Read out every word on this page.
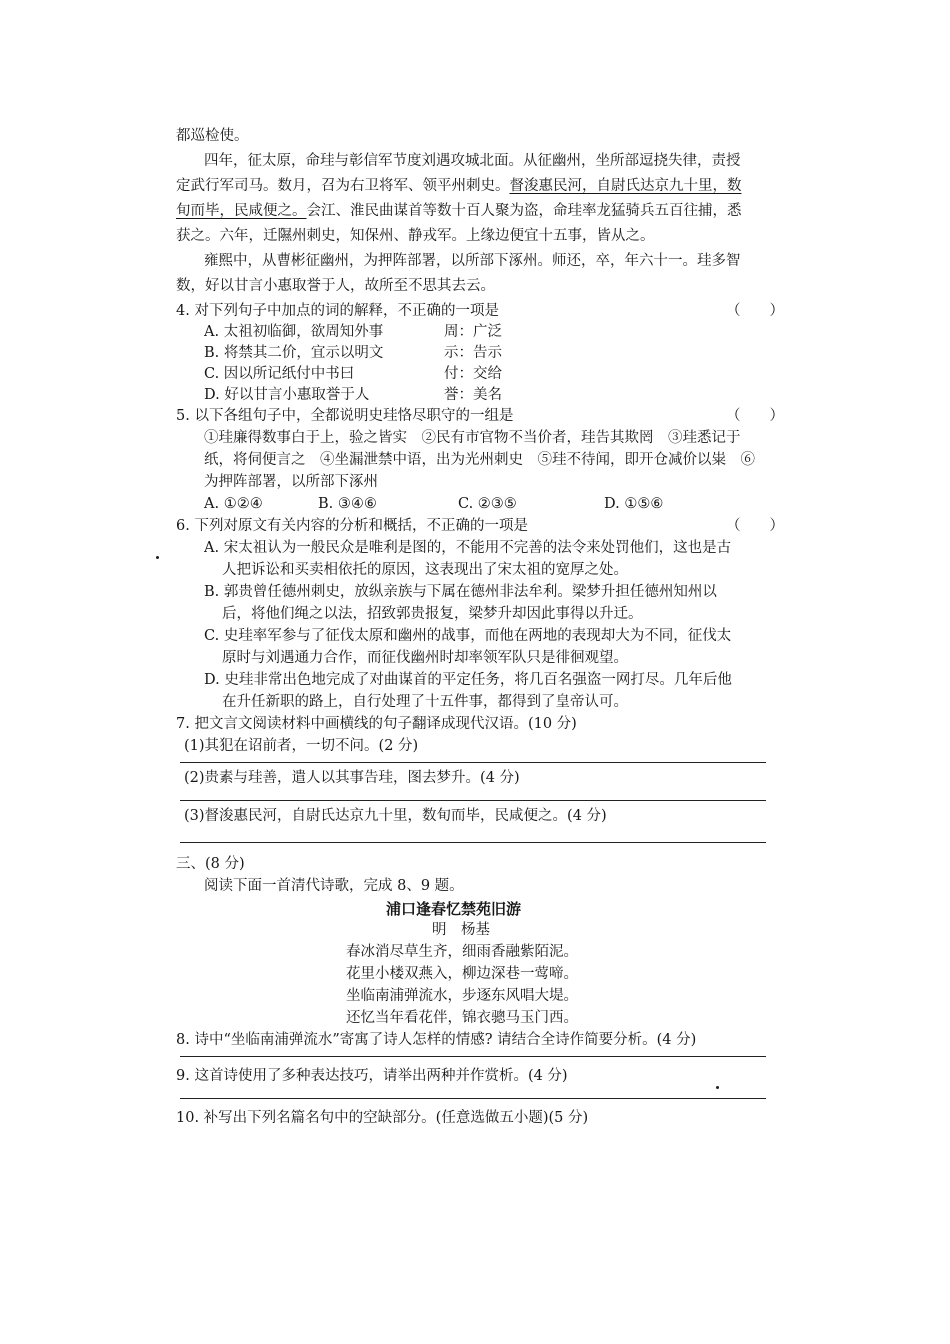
都巡检使。
四年，征太原，命珪与彰信军节度刘遇攻城北面。从征幽州，坐所部逗挠失律，责授
定武行军司马。数月，召为右卫将军、领平州刺史。督浚惠民河，自尉氏达京九十里，数
旬而毕，民咸便之。会江、淮民曲谋首等数十百人聚为盗，命珪率龙猛骑兵五百往捕，悉
获之。六年，迁隰州刺史，知保州、静戎军。上缘边便宜十五事，皆从之。
雍熙中，从曹彬征幽州，为押阵部署，以所部下涿州。师还，卒，年六十一。珪多智
数，好以甘言小惠取誉于人，故所至不思其去云。
4. 对下列句子中加点的词的解释，不正确的一项是	（　　）
A. 太祖初临御，欲周知外事	周：广泛
B. 将禁其二价，宜示以明文	示：告示
C. 因以所记纸付中书曰	付：交给
D. 好以甘言小惠取誉于人	誉：美名
5. 以下各组句子中，全都说明史珪恪尽职守的一组是	（　　）
①珪廉得数事白于上，验之皆实　②民有市官物不当价者，珪告其欺罔　③珪悉记于
纸，将伺便言之　④坐漏泄禁中语，出为光州刺史　⑤珪不待闻，即开仓减价以粜　⑥
为押阵部署，以所部下涿州
A. ①②④	B. ③④⑥	C. ②③⑤	D. ①⑤⑥
6. 下列对原文有关内容的分析和概括，不正确的一项是	（　　）
A. 宋太祖认为一般民众是唯利是图的，不能用不完善的法令来处罚他们，这也是古
人把诉讼和买卖相依托的原因，这表现出了宋太祖的宽厚之处。
B. 郭贵曾任德州刺史，放纵亲族与下属在德州非法牟利。梁梦升担任德州知州以
后，将他们绳之以法，招致郭贵报复，梁梦升却因此事得以升迁。
C. 史珪率军参与了征伐太原和幽州的战事，而他在两地的表现却大为不同，征伐太
原时与刘遇通力合作，而征伐幽州时却率领军队只是徘徊观望。
D. 史珪非常出色地完成了对曲谋首的平定任务，将几百名强盗一网打尽。几年后他
在升任新职的路上，自行处理了十五件事，都得到了皇帝认可。
7. 把文言文阅读材料中画横线的句子翻译成现代汉语。(10 分)
(1)其犯在诏前者，一切不问。(2 分)
(2)贵素与珪善，遣人以其事告珪，图去梦升。(4 分)
(3)督浚惠民河，自尉氏达京九十里，数旬而毕，民咸便之。(4 分)
三、(8 分)
阅读下面一首清代诗歌，完成 8、9 题。
浦口逢春忆禁苑旧游
明　杨基
春冰消尽草生齐，细雨香融紫陌泥。
花里小楼双燕入，柳边深巷一莺啼。
坐临南浦弹流水，步逐东风唱大堤。
还忆当年看花伴，锦衣骢马玉门西。
8. 诗中“坐临南浦弹流水”寄寓了诗人怎样的情感? 请结合全诗作简要分析。(4 分)
9. 这首诗使用了多种表达技巧，请举出两种并作赏析。(4 分)
10. 补写出下列名篇名句中的空缺部分。(任意选做五小题)(5 分)
